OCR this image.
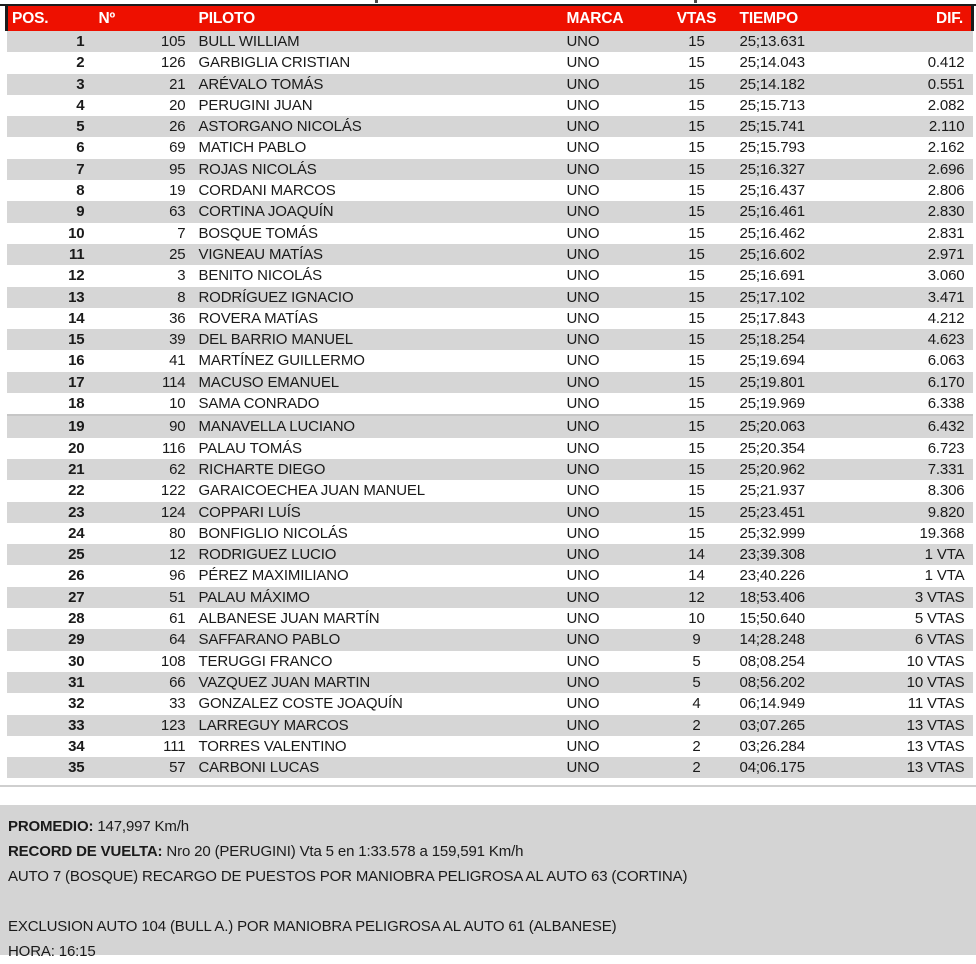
POS.	Nº	PILOTO	MARCA	VTAS	TIEMPO	DIF.
1	105	BULL WILLIAM	UNO	15	25;13.631	
2	126	GARBIGLIA CRISTIAN	UNO	15	25;14.043	0.412
3	21	ARÉVALO TOMÁS	UNO	15	25;14.182	0.551
4	20	PERUGINI JUAN	UNO	15	25;15.713	2.082
5	26	ASTORGANO NICOLÁS	UNO	15	25;15.741	2.110
6	69	MATICH PABLO	UNO	15	25;15.793	2.162
7	95	ROJAS NICOLÁS	UNO	15	25;16.327	2.696
8	19	CORDANI MARCOS	UNO	15	25;16.437	2.806
9	63	CORTINA JOAQUÍN	UNO	15	25;16.461	2.830
10	7	BOSQUE TOMÁS	UNO	15	25;16.462	2.831
11	25	VIGNEAU MATÍAS	UNO	15	25;16.602	2.971
12	3	BENITO NICOLÁS	UNO	15	25;16.691	3.060
13	8	RODRÍGUEZ IGNACIO	UNO	15	25;17.102	3.471
14	36	ROVERA MATÍAS	UNO	15	25;17.843	4.212
15	39	DEL BARRIO MANUEL	UNO	15	25;18.254	4.623
16	41	MARTÍNEZ GUILLERMO	UNO	15	25;19.694	6.063
17	114	MACUSO EMANUEL	UNO	15	25;19.801	6.170
18	10	SAMA CONRADO	UNO	15	25;19.969	6.338
19	90	MANAVELLA LUCIANO	UNO	15	25;20.063	6.432
20	116	PALAU TOMÁS	UNO	15	25;20.354	6.723
21	62	RICHARTE DIEGO	UNO	15	25;20.962	7.331
22	122	GARAICOECHEA JUAN MANUEL	UNO	15	25;21.937	8.306
23	124	COPPARI LUÍS	UNO	15	25;23.451	9.820
24	80	BONFIGLIO NICOLÁS	UNO	15	25;32.999	19.368
25	12	RODRIGUEZ LUCIO	UNO	14	23;39.308	1 VTA
26	96	PÉREZ MAXIMILIANO	UNO	14	23;40.226	1 VTA
27	51	PALAU MÁXIMO	UNO	12	18;53.406	3 VTAS
28	61	ALBANESE JUAN MARTÍN	UNO	10	15;50.640	5 VTAS
29	64	SAFFARANO PABLO	UNO	9	14;28.248	6 VTAS
30	108	TERUGGI FRANCO	UNO	5	08;08.254	10 VTAS
31	66	VAZQUEZ JUAN MARTIN	UNO	5	08;56.202	10 VTAS
32	33	GONZALEZ COSTE JOAQUÍN	UNO	4	06;14.949	11 VTAS
33	123	LARREGUY MARCOS	UNO	2	03;07.265	13 VTAS
34	111	TORRES VALENTINO	UNO	2	03;26.284	13 VTAS
35	57	CARBONI LUCAS	UNO	2	04;06.175	13 VTAS
PROMEDIO: 147,997 Km/h
RECORD DE VUELTA: Nro 20 (PERUGINI) Vta 5 en 1:33.578 a 159,591 Km/h
AUTO 7 (BOSQUE) RECARGO DE PUESTOS POR MANIOBRA PELIGROSA AL AUTO 63 (CORTINA)
EXCLUSION AUTO 104 (BULL A.) POR MANIOBRA PELIGROSA AL AUTO 61 (ALBANESE)
HORA: 16:15
